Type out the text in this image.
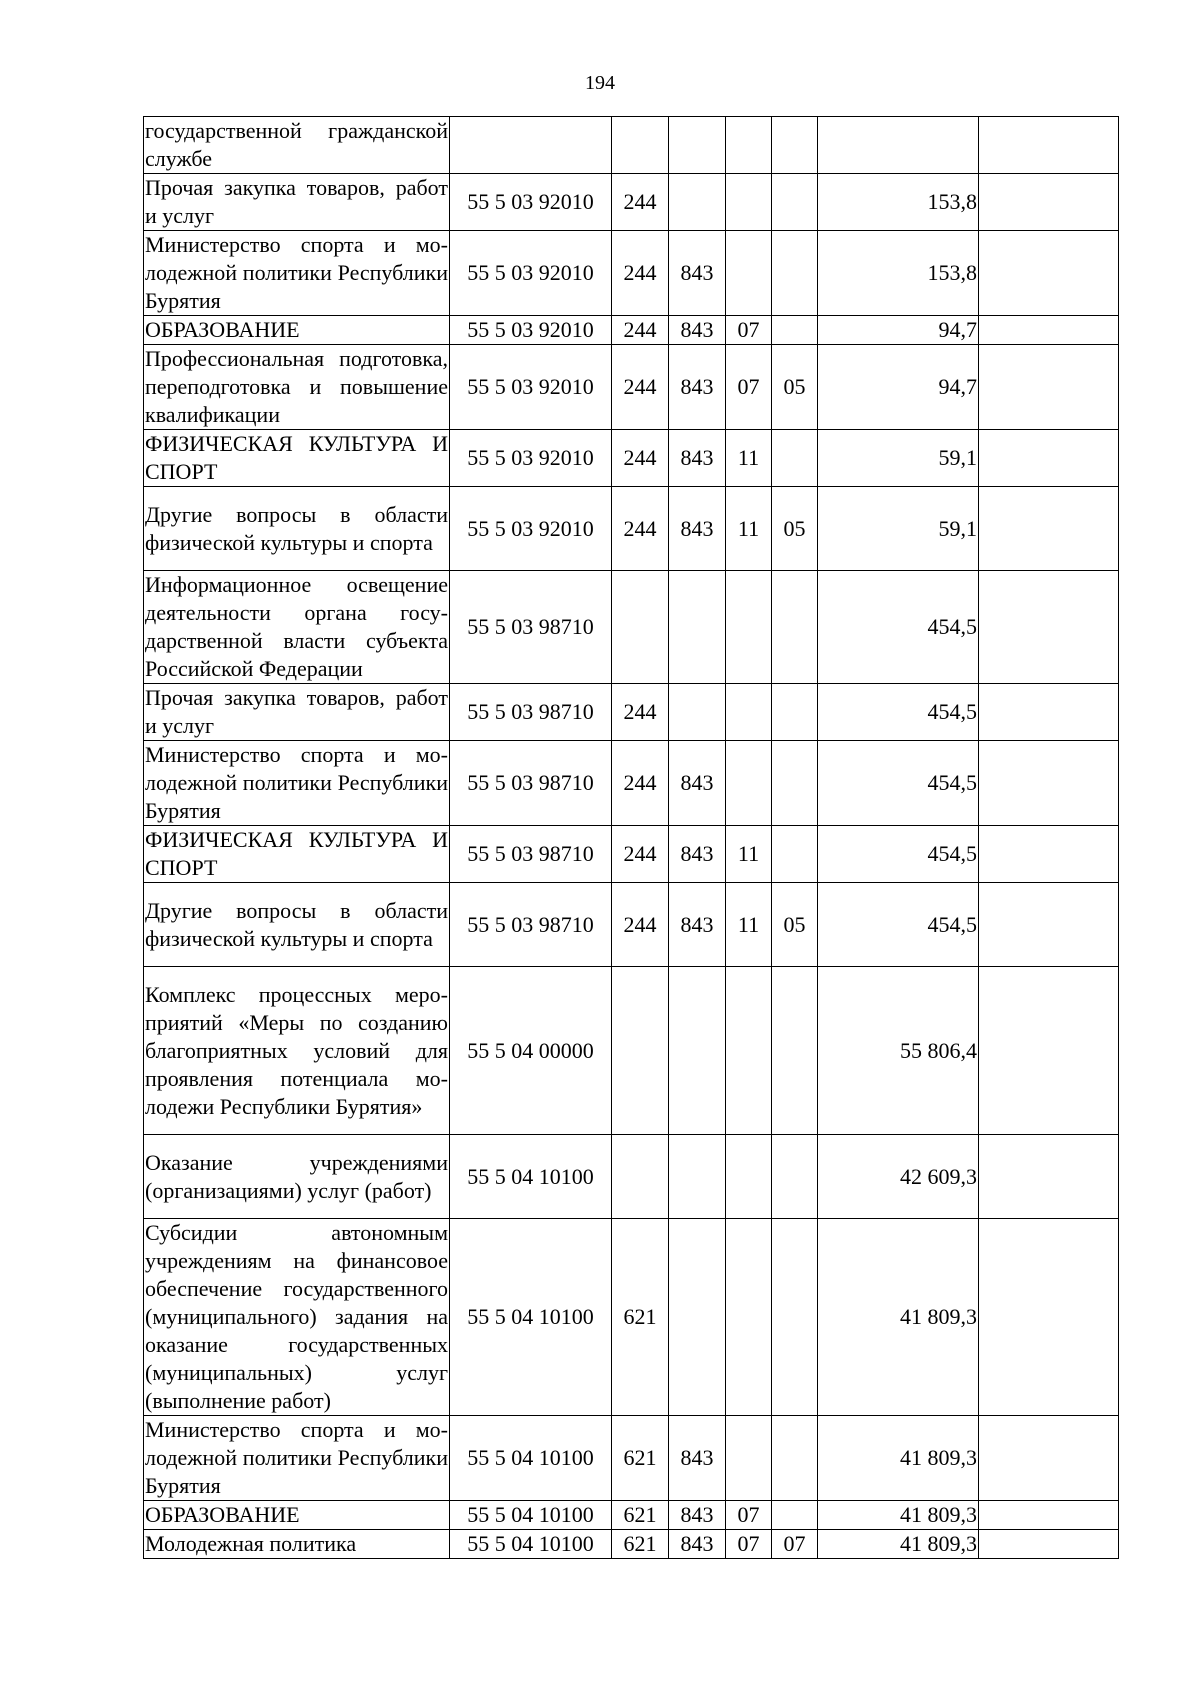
194
государственной гражданской службе							
Прочая закупка товаров, работ и услуг	55 5 03 92010	244				153,8	
Министерство спорта и молодежной политики Республики Бурятия	55 5 03 92010	244	843			153,8	
ОБРАЗОВАНИЕ	55 5 03 92010	244	843	07		94,7	
Профессиональная подготовка, переподготовка и повышение квалификации	55 5 03 92010	244	843	07	05	94,7	
ФИЗИЧЕСКАЯ КУЛЬТУРА И СПОРТ	55 5 03 92010	244	843	11		59,1	
Другие вопросы в области физической культуры и спорта	55 5 03 92010	244	843	11	05	59,1	
Информационное освещение деятельности органа государственной власти субъекта Российской Федерации	55 5 03 98710					454,5	
Прочая закупка товаров, работ и услуг	55 5 03 98710	244				454,5	
Министерство спорта и молодежной политики Республики Бурятия	55 5 03 98710	244	843			454,5	
ФИЗИЧЕСКАЯ КУЛЬТУРА И СПОРТ	55 5 03 98710	244	843	11		454,5	
Другие вопросы в области физической культуры и спорта	55 5 03 98710	244	843	11	05	454,5	
Комплекс процессных мероприятий «Меры по созданию благоприятных условий для проявления потенциала молодежи Республики Бурятия»	55 5 04 00000					55 806,4	
Оказание учреждениями (организациями) услуг (работ)	55 5 04 10100					42 609,3	
Субсидии автономным учреждениям на финансовое обеспечение государственного (муниципального) задания на оказание государственных (муниципальных) услуг (выполнение работ)	55 5 04 10100	621				41 809,3	
Министерство спорта и молодежной политики Республики Бурятия	55 5 04 10100	621	843			41 809,3	
ОБРАЗОВАНИЕ	55 5 04 10100	621	843	07		41 809,3	
Молодежная политика	55 5 04 10100	621	843	07	07	41 809,3	
